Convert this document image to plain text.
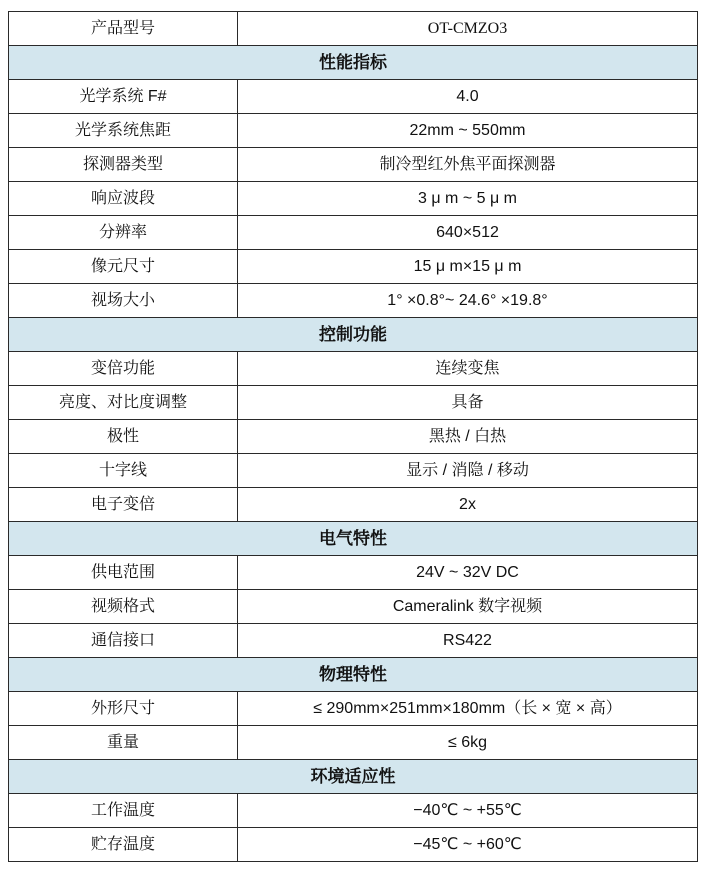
产品型号	OT-CMZO3
性能指标	
光学系统 F#	4.0
光学系统焦距	22mm ~ 550mm
探测器类型	制冷型红外焦平面探测器
响应波段	3 μ m ~ 5 μ m
分辨率	640×512
像元尺寸	15 μ m×15 μ m
视场大小	1° ×0.8°~ 24.6° ×19.8°
控制功能	
变倍功能	连续变焦
亮度、对比度调整	具备
极性	黑热 / 白热
十字线	显示 / 消隐 / 移动
电子变倍	2x
电气特性	
供电范围	24V ~ 32V DC
视频格式	Cameralink 数字视频
通信接口	RS422
物理特性	
外形尺寸	≤ 290mm×251mm×180mm（长 × 宽 × 高）
重量	≤ 6kg
环境适应性	
工作温度	−40℃ ~ +55℃
贮存温度	−45℃ ~ +60℃
